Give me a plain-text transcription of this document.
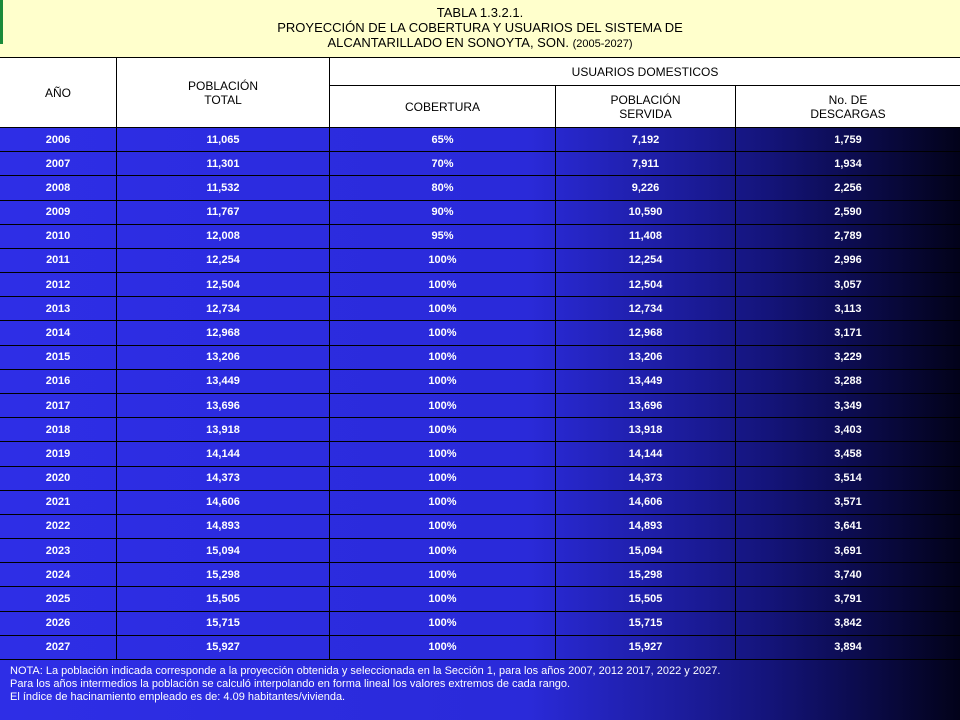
TABLA 1.3.2.1.
PROYECCIÓN DE LA COBERTURA Y USUARIOS DEL SISTEMA DE
ALCANTARILLADO EN SONOYTA, SON. (2005-2027)
AÑO	POBLACIÓN
TOTAL
USUARIOS DOMESTICOS
COBERTURA	POBLACIÓN
SERVIDA
No. DE
DESCARGAS
2006	11,065	65%	7,192	1,759
2007	11,301	70%	7,911	1,934
2008	11,532	80%	9,226	2,256
2009	11,767	90%	10,590	2,590
2010	12,008	95%	11,408	2,789
2011	12,254	100%	12,254	2,996
2012	12,504	100%	12,504	3,057
2013	12,734	100%	12,734	3,113
2014	12,968	100%	12,968	3,171
2015	13,206	100%	13,206	3,229
2016	13,449	100%	13,449	3,288
2017	13,696	100%	13,696	3,349
2018	13,918	100%	13,918	3,403
2019	14,144	100%	14,144	3,458
2020	14,373	100%	14,373	3,514
2021	14,606	100%	14,606	3,571
2022	14,893	100%	14,893	3,641
2023	15,094	100%	15,094	3,691
2024	15,298	100%	15,298	3,740
2025	15,505	100%	15,505	3,791
2026	15,715	100%	15,715	3,842
2027	15,927	100%	15,927	3,894
NOTA: La población indicada corresponde a la proyección obtenida y seleccionada en la Sección 1, para los años 2007, 2012 2017, 2022 y 2027.
Para los años intermedios la población se calculó interpolando en forma lineal los valores extremos de cada rango.
El índice de hacinamiento empleado es de: 4.09 habitantes/vivienda.
